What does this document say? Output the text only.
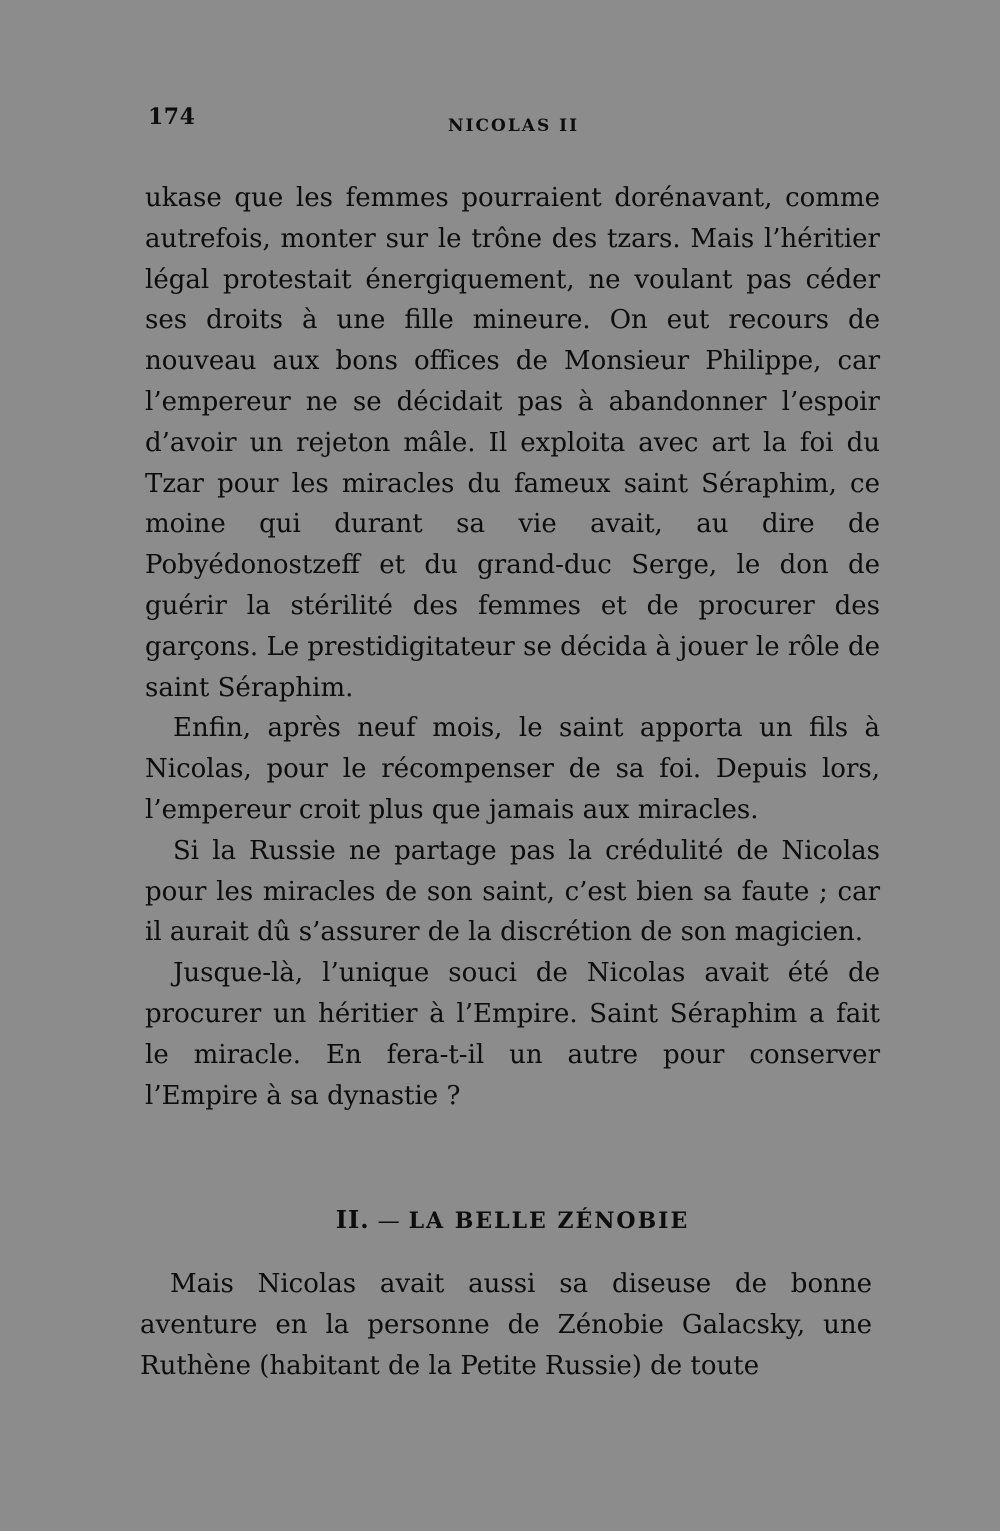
174	NICOLAS II

ukase que les femmes pourraient dorénavant, comme autrefois, monter sur le trône des tzars. Mais l’héritier légal protestait énergiquement, ne voulant pas céder ses droits à une fille mineure. On eut recours de nouveau aux bons offices de Monsieur Philippe, car l’empereur ne se décidait pas à abandonner l’espoir d’avoir un rejeton mâle. Il exploita avec art la foi du Tzar pour les miracles du fameux saint Séraphim, ce moine qui durant sa vie avait, au dire de Pobyédonostzeff et du grand-duc Serge, le don de guérir la stérilité des femmes et de procurer des garçons. Le prestidigitateur se décida à jouer le rôle de saint Séraphim.

Enfin, après neuf mois, le saint apporta un fils à Nicolas, pour le récompenser de sa foi. Depuis lors, l’empereur croit plus que jamais aux miracles.

Si la Russie ne partage pas la crédulité de Nicolas pour les miracles de son saint, c’est bien sa faute ; car il aurait dû s’assurer de la discrétion de son magicien.

Jusque-là, l’unique souci de Nicolas avait été de procurer un héritier à l’Empire. Saint Séraphim a fait le miracle. En fera-t-il un autre pour conserver l’Empire à sa dynastie ?

II. — LA BELLE ZÉNOBIE

Mais Nicolas avait aussi sa diseuse de bonne aventure en la personne de Zénobie Galacsky, une Ruthène (habitant de la Petite Russie) de toute
